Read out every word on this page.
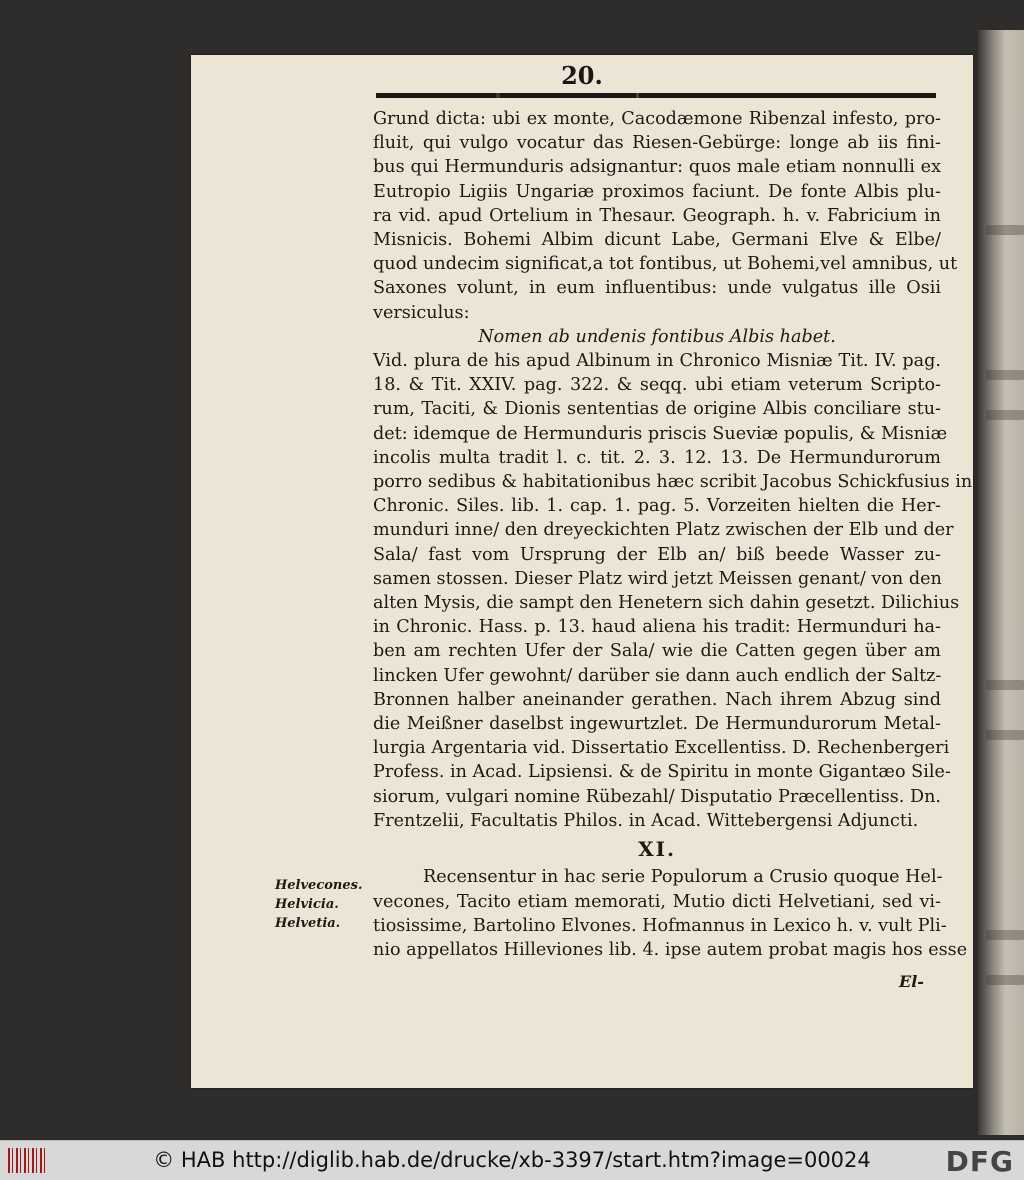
20.
Grund dicta: ubi ex monte, Cacodæmone Ribenzal infesto, pro-
fluit, qui vulgo vocatur das Riesen-Gebürge: longe ab iis fini-
bus qui Hermunduris adsignantur: quos male etiam nonnulli ex
Eutropio Ligiis Ungariæ proximos faciunt. De fonte Albis plu-
ra vid. apud Ortelium in Thesaur. Geograph. h. v. Fabricium in
Misnicis. Bohemi Albim dicunt Labe, Germani Elve & Elbe/
quod undecim significat,a tot fontibus, ut Bohemi,vel amnibus, ut
Saxones volunt, in eum influentibus: unde vulgatus ille Osii
versiculus:
Nomen ab undenis fontibus Albis habet.
Vid. plura de his apud Albinum in Chronico Misniæ Tit. IV. pag.
18. & Tit. XXIV. pag. 322. & seqq. ubi etiam veterum Scripto-
rum, Taciti, & Dionis sententias de origine Albis conciliare stu-
det: idemque de Hermunduris priscis Sueviæ populis, & Misniæ
incolis multa tradit l. c. tit. 2. 3. 12. 13. De Hermundurorum
porro sedibus & habitationibus hæc scribit Jacobus Schickfusius in
Chronic. Siles. lib. 1. cap. 1. pag. 5. Vorzeiten hielten die Her-
munduri inne/ den dreyeckichten Platz zwischen der Elb und der
Sala/ fast vom Ursprung der Elb an/ biß beede Wasser zu-
samen stossen. Dieser Platz wird jetzt Meissen genant/ von den
alten Mysis, die sampt den Henetern sich dahin gesetzt. Dilichius
in Chronic. Hass. p. 13. haud aliena his tradit: Hermunduri ha-
ben am rechten Ufer der Sala/ wie die Catten gegen über am
lincken Ufer gewohnt/ darüber sie dann auch endlich der Saltz-
Bronnen halber aneinander gerathen. Nach ihrem Abzug sind
die Meißner daselbst ingewurtzlet. De Hermundurorum Metal-
lurgia Argentaria vid. Dissertatio Excellentiss. D. Rechenbergeri
Profess. in Acad. Lipsiensi. & de Spiritu in monte Gigantæo Sile-
siorum, vulgari nomine Rübezahl/ Disputatio Præcellentiss. Dn.
Frentzelii, Facultatis Philos. in Acad. Wittebergensi Adjuncti.
XI.
Recensentur in hac serie Populorum a Crusio quoque Hel-
vecones, Tacito etiam memorati, Mutio dicti Helvetiani, sed vi-
tiosissime, Bartolino Elvones. Hofmannus in Lexico h. v. vult Pli-
nio appellatos Hilleviones lib. 4. ipse autem probat magis hos esse
Helvecones.
Helvicia.
Helvetia.
El-
© HAB http://diglib.hab.de/drucke/xb-3397/start.htm?image=00024	DFG
